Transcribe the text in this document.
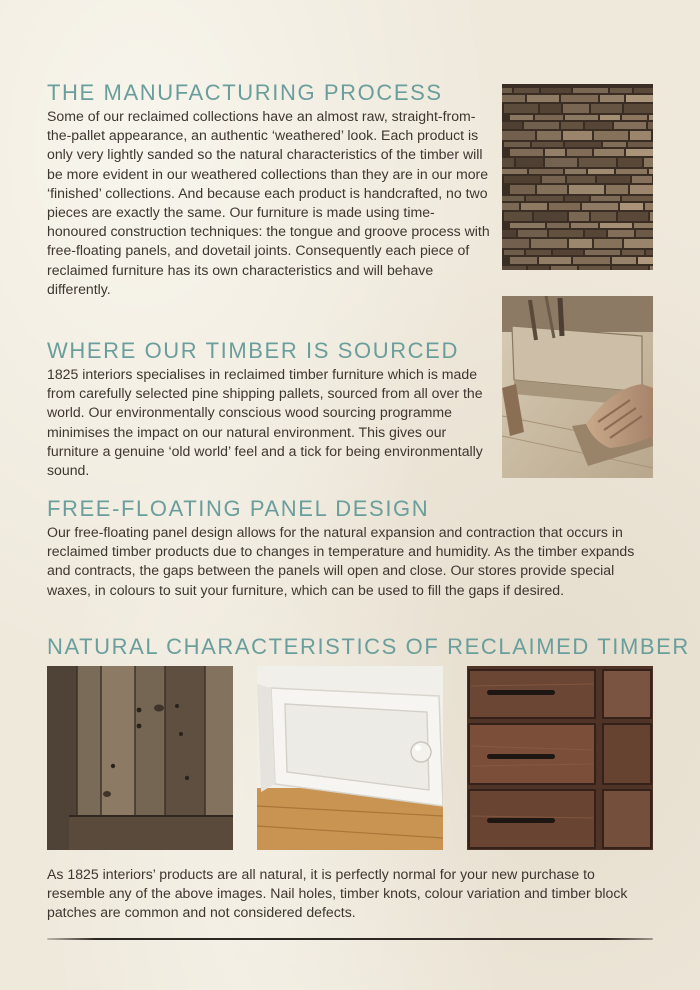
THE MANUFACTURING PROCESS

Some of our reclaimed collections have an almost raw, straight-from-the-pallet appearance, an authentic ‘weathered’ look. Each product is only very lightly sanded so the natural characteristics of the timber will be more evident in our weathered collections than they are in our more ‘finished’ collections. And because each product is handcrafted, no two pieces are exactly the same. Our furniture is made using time-honoured construction techniques: the tongue and groove process with free-floating panels, and dovetail joints. Consequently each piece of reclaimed furniture has its own characteristics and will behave differently.

WHERE OUR TIMBER IS SOURCED

1825 interiors specialises in reclaimed timber furniture which is made from carefully selected pine shipping pallets, sourced from all over the world. Our environmentally conscious wood sourcing programme minimises the impact on our natural environment. This gives our furniture a genuine ‘old world’ feel and a tick for being environmentally sound.

FREE-FLOATING PANEL DESIGN

Our free-floating panel design allows for the natural expansion and contraction that occurs in reclaimed timber products due to changes in temperature and humidity. As the timber expands and contracts, the gaps between the panels will open and close. Our stores provide special waxes, in colours to suit your furniture, which can be used to fill the gaps if desired.

NATURAL CHARACTERISTICS OF RECLAIMED TIMBER

As 1825 interiors’ products are all natural, it is perfectly normal for your new purchase to resemble any of the above images. Nail holes, timber knots, colour variation and timber block patches are common and not considered defects.
